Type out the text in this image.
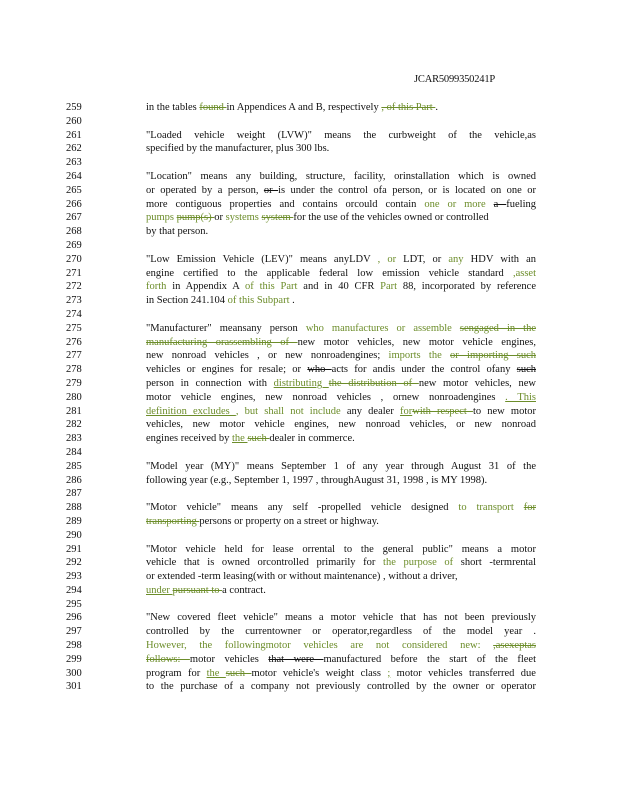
JCAR5099350241P
259	in the tables found in Appendices A and B, respectively , of this Part .
260
261	"Loaded vehicle weight (LVW)" means the curbweight of the vehicle,as
262	specified by the manufacturer, plus 300 lbs.
263
264	"Location" means any building, structure, facility, orinstallation which is owned
265	or operated by a person, or is under the control ofa person, or is located on one or
266	more contiguous properties and contains orcould contain one or more a fueling
267	pumps pump(s) or systems system for the use of the vehicles owned or controlled
268	by that person.
269
270	"Low Emission Vehicle (LEV)" means anyLDV , or LDT, or any HDV with an
271	engine certified to the applicable federal low emission vehicle standard ,asset
272	forth in Appendix A of this Part and in 40 CFR Part 88, incorporated by reference
273	in Section 241.104 of this Subpart .
274
275	"Manufacturer" meansany person who manufactures or assemble sengaged in the
276	manufacturing orassembling of new motor vehicles, new motor vehicle engines,
277	new nonroad vehicles , or new nonroadengines; imports the or importing such
278	vehicles or engines for resale; or who acts for andis under the control ofany such
279	person in connection with distributing the distribution of new motor vehicles, new
280	motor vehicle engines, new nonroad vehicles , ornew nonroadengines . This
281	definition excludes , but shall not include any dealer forwith respect to new motor
282	vehicles, new motor vehicle engines, new nonroad vehicles, or new nonroad
283	engines received by the such dealer in commerce.
284
285	"Model year (MY)" means September 1 of any year through August 31 of the
286	following year (e.g., September 1, 1997 , throughAugust 31, 1998 , is MY 1998).
287
288	"Motor vehicle" means any self -propelled vehicle designed to transport for
289	transporting persons or property on a street or highway.
290
291	"Motor vehicle held for lease orrental to the general public" means a motor
292	vehicle that is owned orcontrolled primarily for the purpose of short -termrental
293	or extended -term leasing(with or without maintenance) , without a driver,
294	under pursuant to a contract.
295
296	"New covered fleet vehicle" means a motor vehicle that has not been previously
297	controlled by the currentowner or operator,regardless of the model year .
298	However, the followingmotor vehicles are not considered new: ,asexeptas
299	follows: motor vehicles that were manufactured before the start of the fleet
300	program for the such motor vehicle's weight class ; motor vehicles transferred due
301	to the purchase of a company not previously controlled by the owner or operator
